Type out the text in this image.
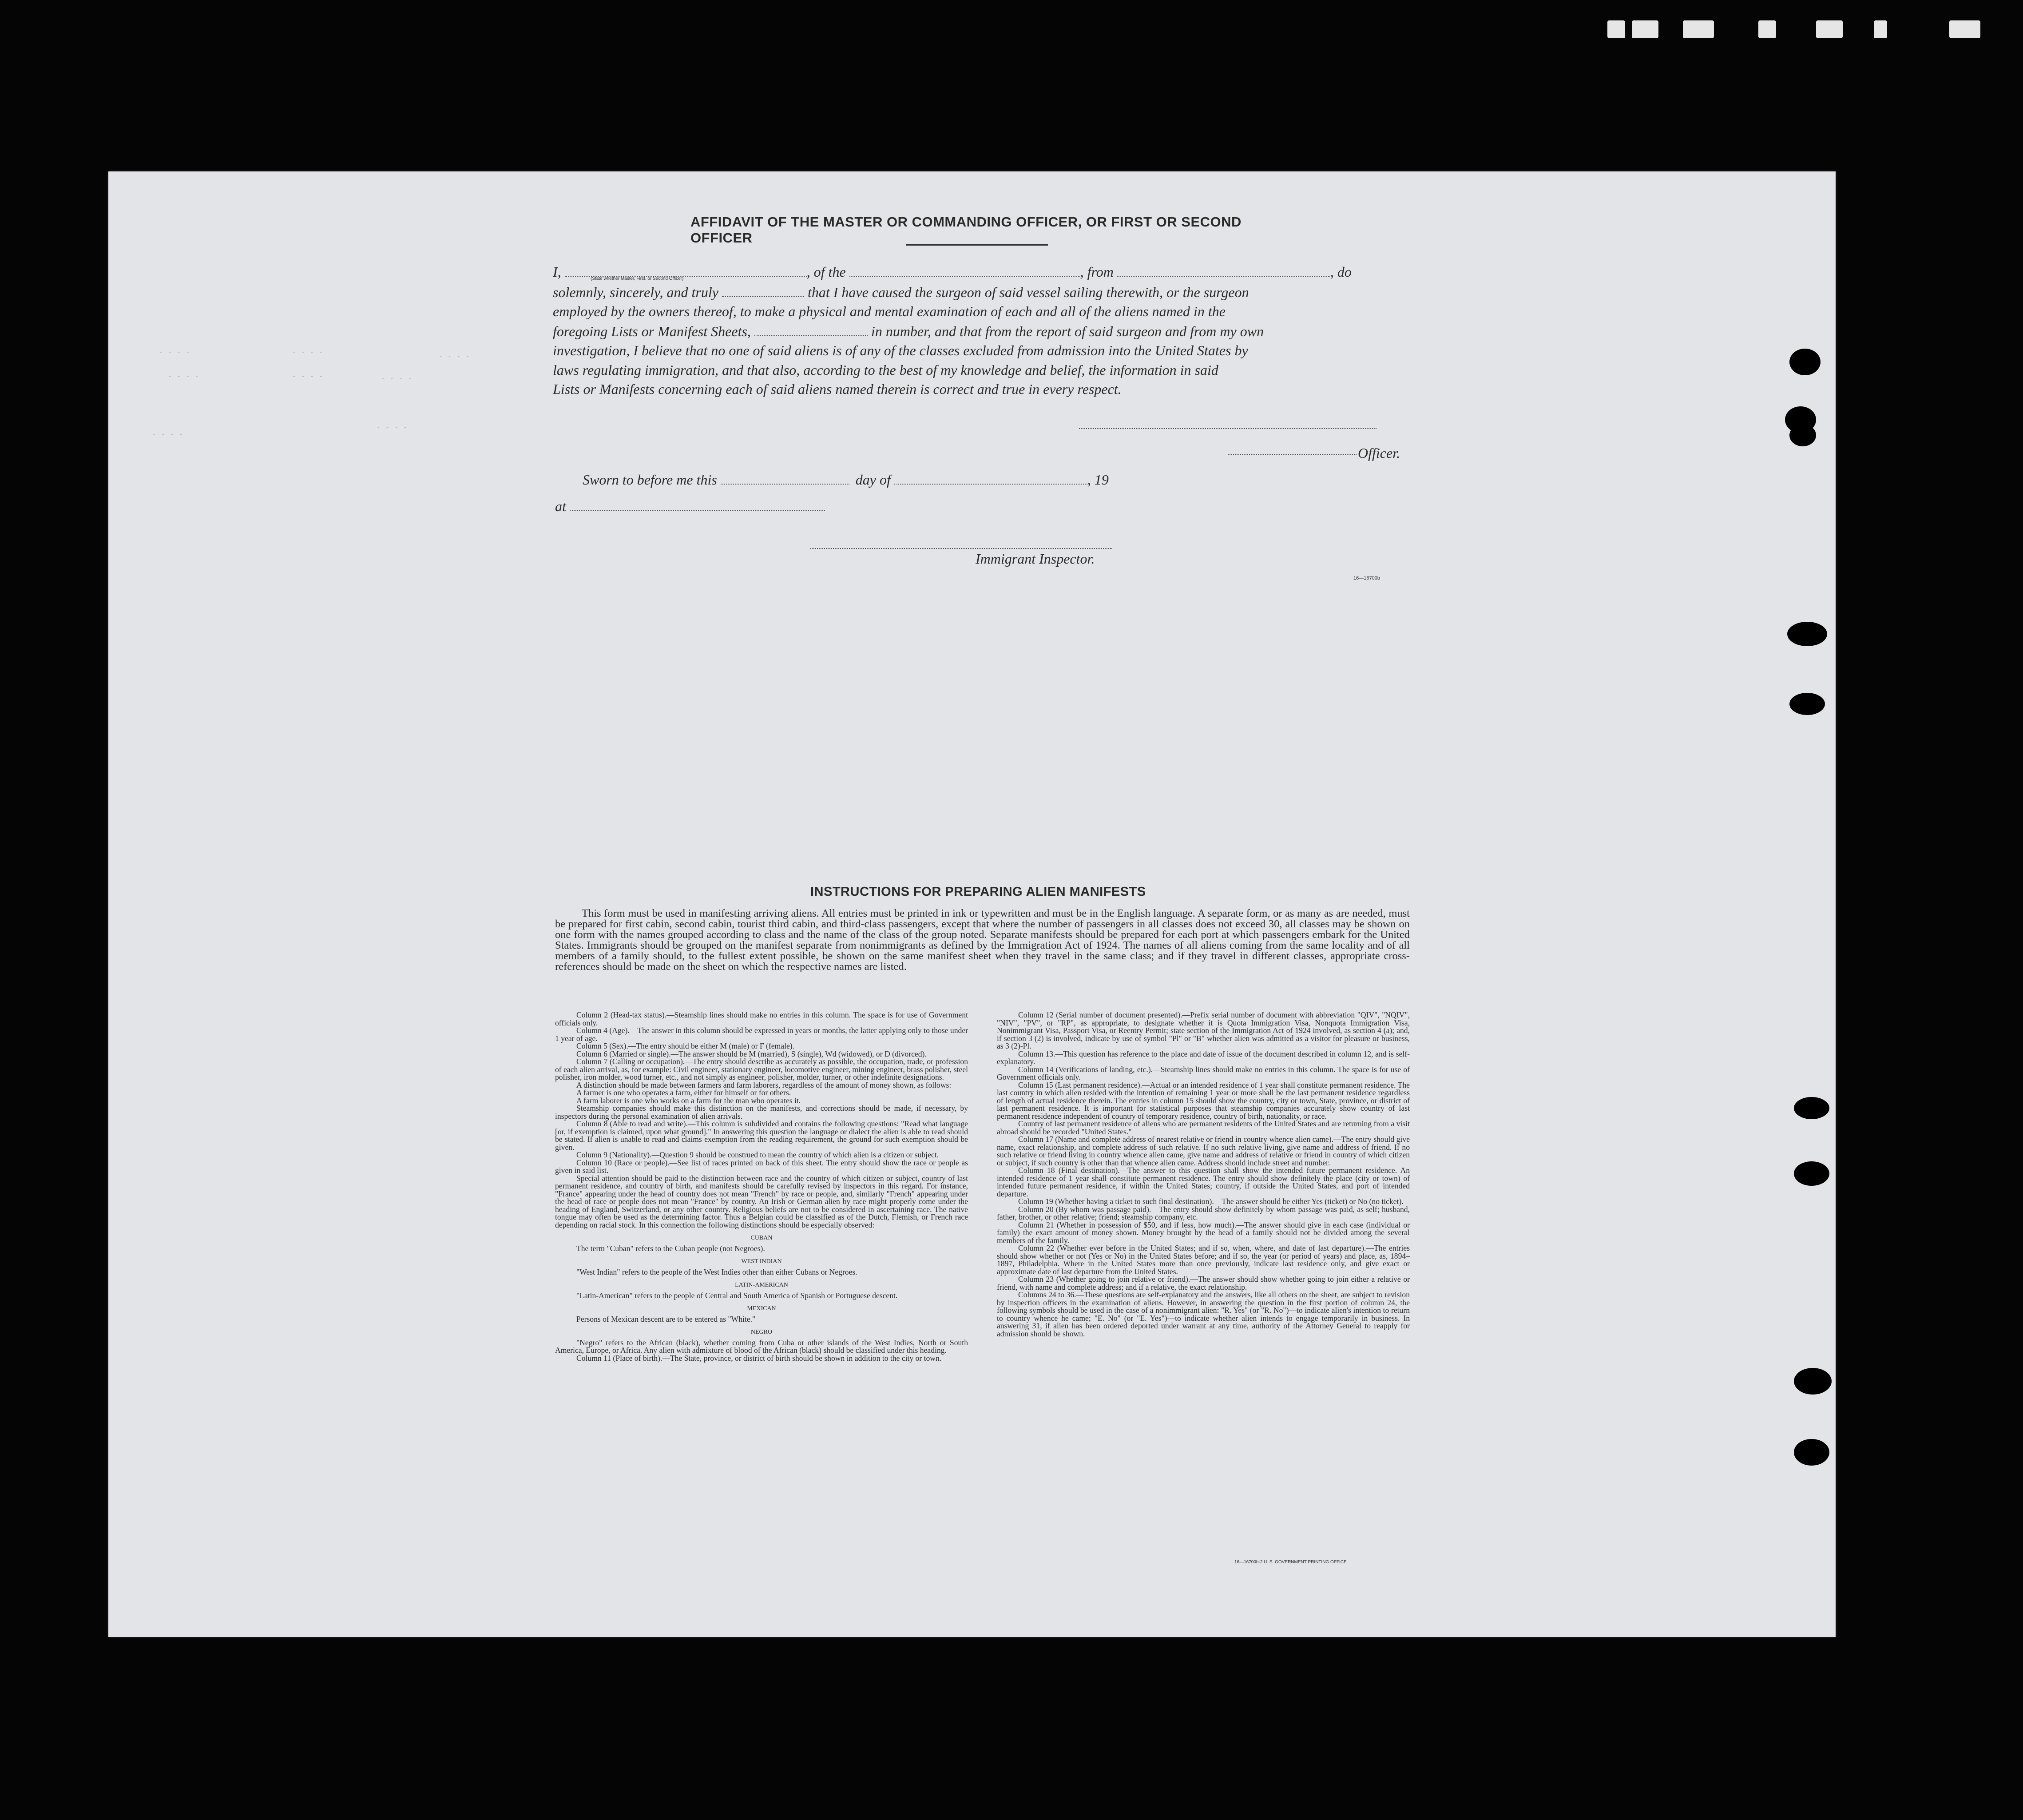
- - - -	- - - -
- - - -
- - - -	- - - -	- - - -
- - - -
- - - -
AFFIDAVIT OF THE MASTER OR COMMANDING OFFICER, OR FIRST OR SECOND OFFICER
I,	, of the	, from	, do
(State whether Master, First, or Second Officer)
solemnly, sincerely, and truly	that I have caused the surgeon of said vessel sailing therewith, or the surgeon
employed by the owners thereof, to make a physical and mental examination of each and all of the aliens named in the
foregoing Lists or Manifest Sheets,	in number, and that from the report of said surgeon and from my own
investigation, I believe that no one of said aliens is of any of the classes excluded from admission into the United States by
laws regulating immigration, and that also, according to the best of my knowledge and belief, the information in said
Lists or Manifests concerning each of said aliens named therein is correct and true in every respect.
Officer.
Sworn to before me this	day of	, 19
at
Immigrant Inspector.
16—16700b
INSTRUCTIONS FOR PREPARING ALIEN MANIFESTS
This form must be used in manifesting arriving aliens. All entries must be printed in ink or typewritten and must be in the English language. A separate form, or as many as are needed, must be prepared for first cabin, second cabin, tourist third cabin, and third-class passengers, except that where the number of passengers in all classes does not exceed 30, all classes may be shown on one form with the names grouped according to class and the name of the class of the group noted. Separate manifests should be prepared for each port at which passengers embark for the United States. Immigrants should be grouped on the manifest separate from nonimmigrants as defined by the Immigration Act of 1924. The names of all aliens coming from the same locality and of all members of a family should, to the fullest extent possible, be shown on the same manifest sheet when they travel in the same class; and if they travel in different classes, appropriate cross-references should be made on the sheet on which the respective names are listed.

Column 2 (Head-tax status).—Steamship lines should make no entries in this column. The space is for use of Government officials only.

Column 4 (Age).—The answer in this column should be expressed in years or months, the latter applying only to those under 1 year of age.

Column 5 (Sex).—The entry should be either M (male) or F (female).

Column 6 (Married or single).—The answer should be M (married), S (single), Wd (widowed), or D (divorced).

Column 7 (Calling or occupation).—The entry should describe as accurately as possible, the occupation, trade, or profession of each alien arrival, as, for example: Civil engineer, stationary engineer, locomotive engineer, mining engineer, brass polisher, steel polisher, iron molder, wood turner, etc., and not simply as engineer, polisher, molder, turner, or other indefinite designations.

A distinction should be made between farmers and farm laborers, regardless of the amount of money shown, as follows:

A farmer is one who operates a farm, either for himself or for others.

A farm laborer is one who works on a farm for the man who operates it.

Steamship companies should make this distinction on the manifests, and corrections should be made, if necessary, by inspectors during the personal examination of alien arrivals.

Column 8 (Able to read and write).—This column is subdivided and contains the following questions: "Read what language [or, if exemption is claimed, upon what ground]." In answering this question the language or dialect the alien is able to read should be stated. If alien is unable to read and claims exemption from the reading requirement, the ground for such exemption should be given.

Column 9 (Nationality).—Question 9 should be construed to mean the country of which alien is a citizen or subject.

Column 10 (Race or people).—See list of races printed on back of this sheet. The entry should show the race or people as given in said list.

Special attention should be paid to the distinction between race and the country of which citizen or subject, country of last permanent residence, and country of birth, and manifests should be carefully revised by inspectors in this regard. For instance, "France" appearing under the head of country does not mean "French" by race or people, and, similarly "French" appearing under the head of race or people does not mean "France" by country. An Irish or German alien by race might properly come under the heading of England, Switzerland, or any other country. Religious beliefs are not to be considered in ascertaining race. The native tongue may often be used as the determining factor. Thus a Belgian could be classified as of the Dutch, Flemish, or French race depending on racial stock. In this connection the following distinctions should be especially observed:

CUBAN

The term "Cuban" refers to the Cuban people (not Negroes).

WEST INDIAN

"West Indian" refers to the people of the West Indies other than either Cubans or Negroes.

LATIN-AMERICAN

"Latin-American" refers to the people of Central and South America of Spanish or Portuguese descent.

MEXICAN

Persons of Mexican descent are to be entered as "White."

NEGRO

"Negro" refers to the African (black), whether coming from Cuba or other islands of the West Indies, North or South America, Europe, or Africa. Any alien with admixture of blood of the African (black) should be classified under this heading.

Column 11 (Place of birth).—The State, province, or district of birth should be shown in addition to the city or town.

Column 12 (Serial number of document presented).—Prefix serial number of document with abbreviation "QIV", "NQIV", "NIV", "PV", or "RP", as appropriate, to designate whether it is Quota Immigration Visa, Nonquota Immigration Visa, Nonimmigrant Visa, Passport Visa, or Reentry Permit; state section of the Immigration Act of 1924 involved, as section 4 (a); and, if section 3 (2) is involved, indicate by use of symbol "Pl" or "B" whether alien was admitted as a visitor for pleasure or business, as 3 (2)-Pl.

Column 13.—This question has reference to the place and date of issue of the document described in column 12, and is self-explanatory.

Column 14 (Verifications of landing, etc.).—Steamship lines should make no entries in this column. The space is for use of Government officials only.

Column 15 (Last permanent residence).—Actual or an intended residence of 1 year shall constitute permanent residence. The last country in which alien resided with the intention of remaining 1 year or more shall be the last permanent residence regardless of length of actual residence therein. The entries in column 15 should show the country, city or town, State, province, or district of last permanent residence. It is important for statistical purposes that steamship companies accurately show country of last permanent residence independent of country of temporary residence, country of birth, nationality, or race.

Country of last permanent residence of aliens who are permanent residents of the United States and are returning from a visit abroad should be recorded "United States."

Column 17 (Name and complete address of nearest relative or friend in country whence alien came).—The entry should give name, exact relationship, and complete address of such relative. If no such relative living, give name and address of friend. If no such relative or friend living in country whence alien came, give name and address of relative or friend in country of which citizen or subject, if such country is other than that whence alien came. Address should include street and number.

Column 18 (Final destination).—The answer to this question shall show the intended future permanent residence. An intended residence of 1 year shall constitute permanent residence. The entry should show definitely the place (city or town) of intended future permanent residence, if within the United States; country, if outside the United States, and port of intended departure.

Column 19 (Whether having a ticket to such final destination).—The answer should be either Yes (ticket) or No (no ticket).

Column 20 (By whom was passage paid).—The entry should show definitely by whom passage was paid, as self; husband, father, brother, or other relative; friend; steamship company, etc.

Column 21 (Whether in possession of $50, and if less, how much).—The answer should give in each case (individual or family) the exact amount of money shown. Money brought by the head of a family should not be divided among the several members of the family.

Column 22 (Whether ever before in the United States; and if so, when, where, and date of last departure).—The entries should show whether or not (Yes or No) in the United States before; and if so, the year (or period of years) and place, as, 1894–1897, Philadelphia. Where in the United States more than once previously, indicate last residence only, and give exact or approximate date of last departure from the United States.

Column 23 (Whether going to join relative or friend).—The answer should show whether going to join either a relative or friend, with name and complete address; and if a relative, the exact relationship.

Columns 24 to 36.—These questions are self-explanatory and the answers, like all others on the sheet, are subject to revision by inspection officers in the examination of aliens. However, in answering the question in the first portion of column 24, the following symbols should be used in the case of a nonimmigrant alien: "R. Yes" (or "R. No")—to indicate alien's intention to return to country whence he came; "E. No" (or "E. Yes")—to indicate whether alien intends to engage temporarily in business. In answering 31, if alien has been ordered deported under warrant at any time, authority of the Attorney General to reapply for admission should be shown.

16—16700b-2 U. S. GOVERNMENT PRINTING OFFICE
